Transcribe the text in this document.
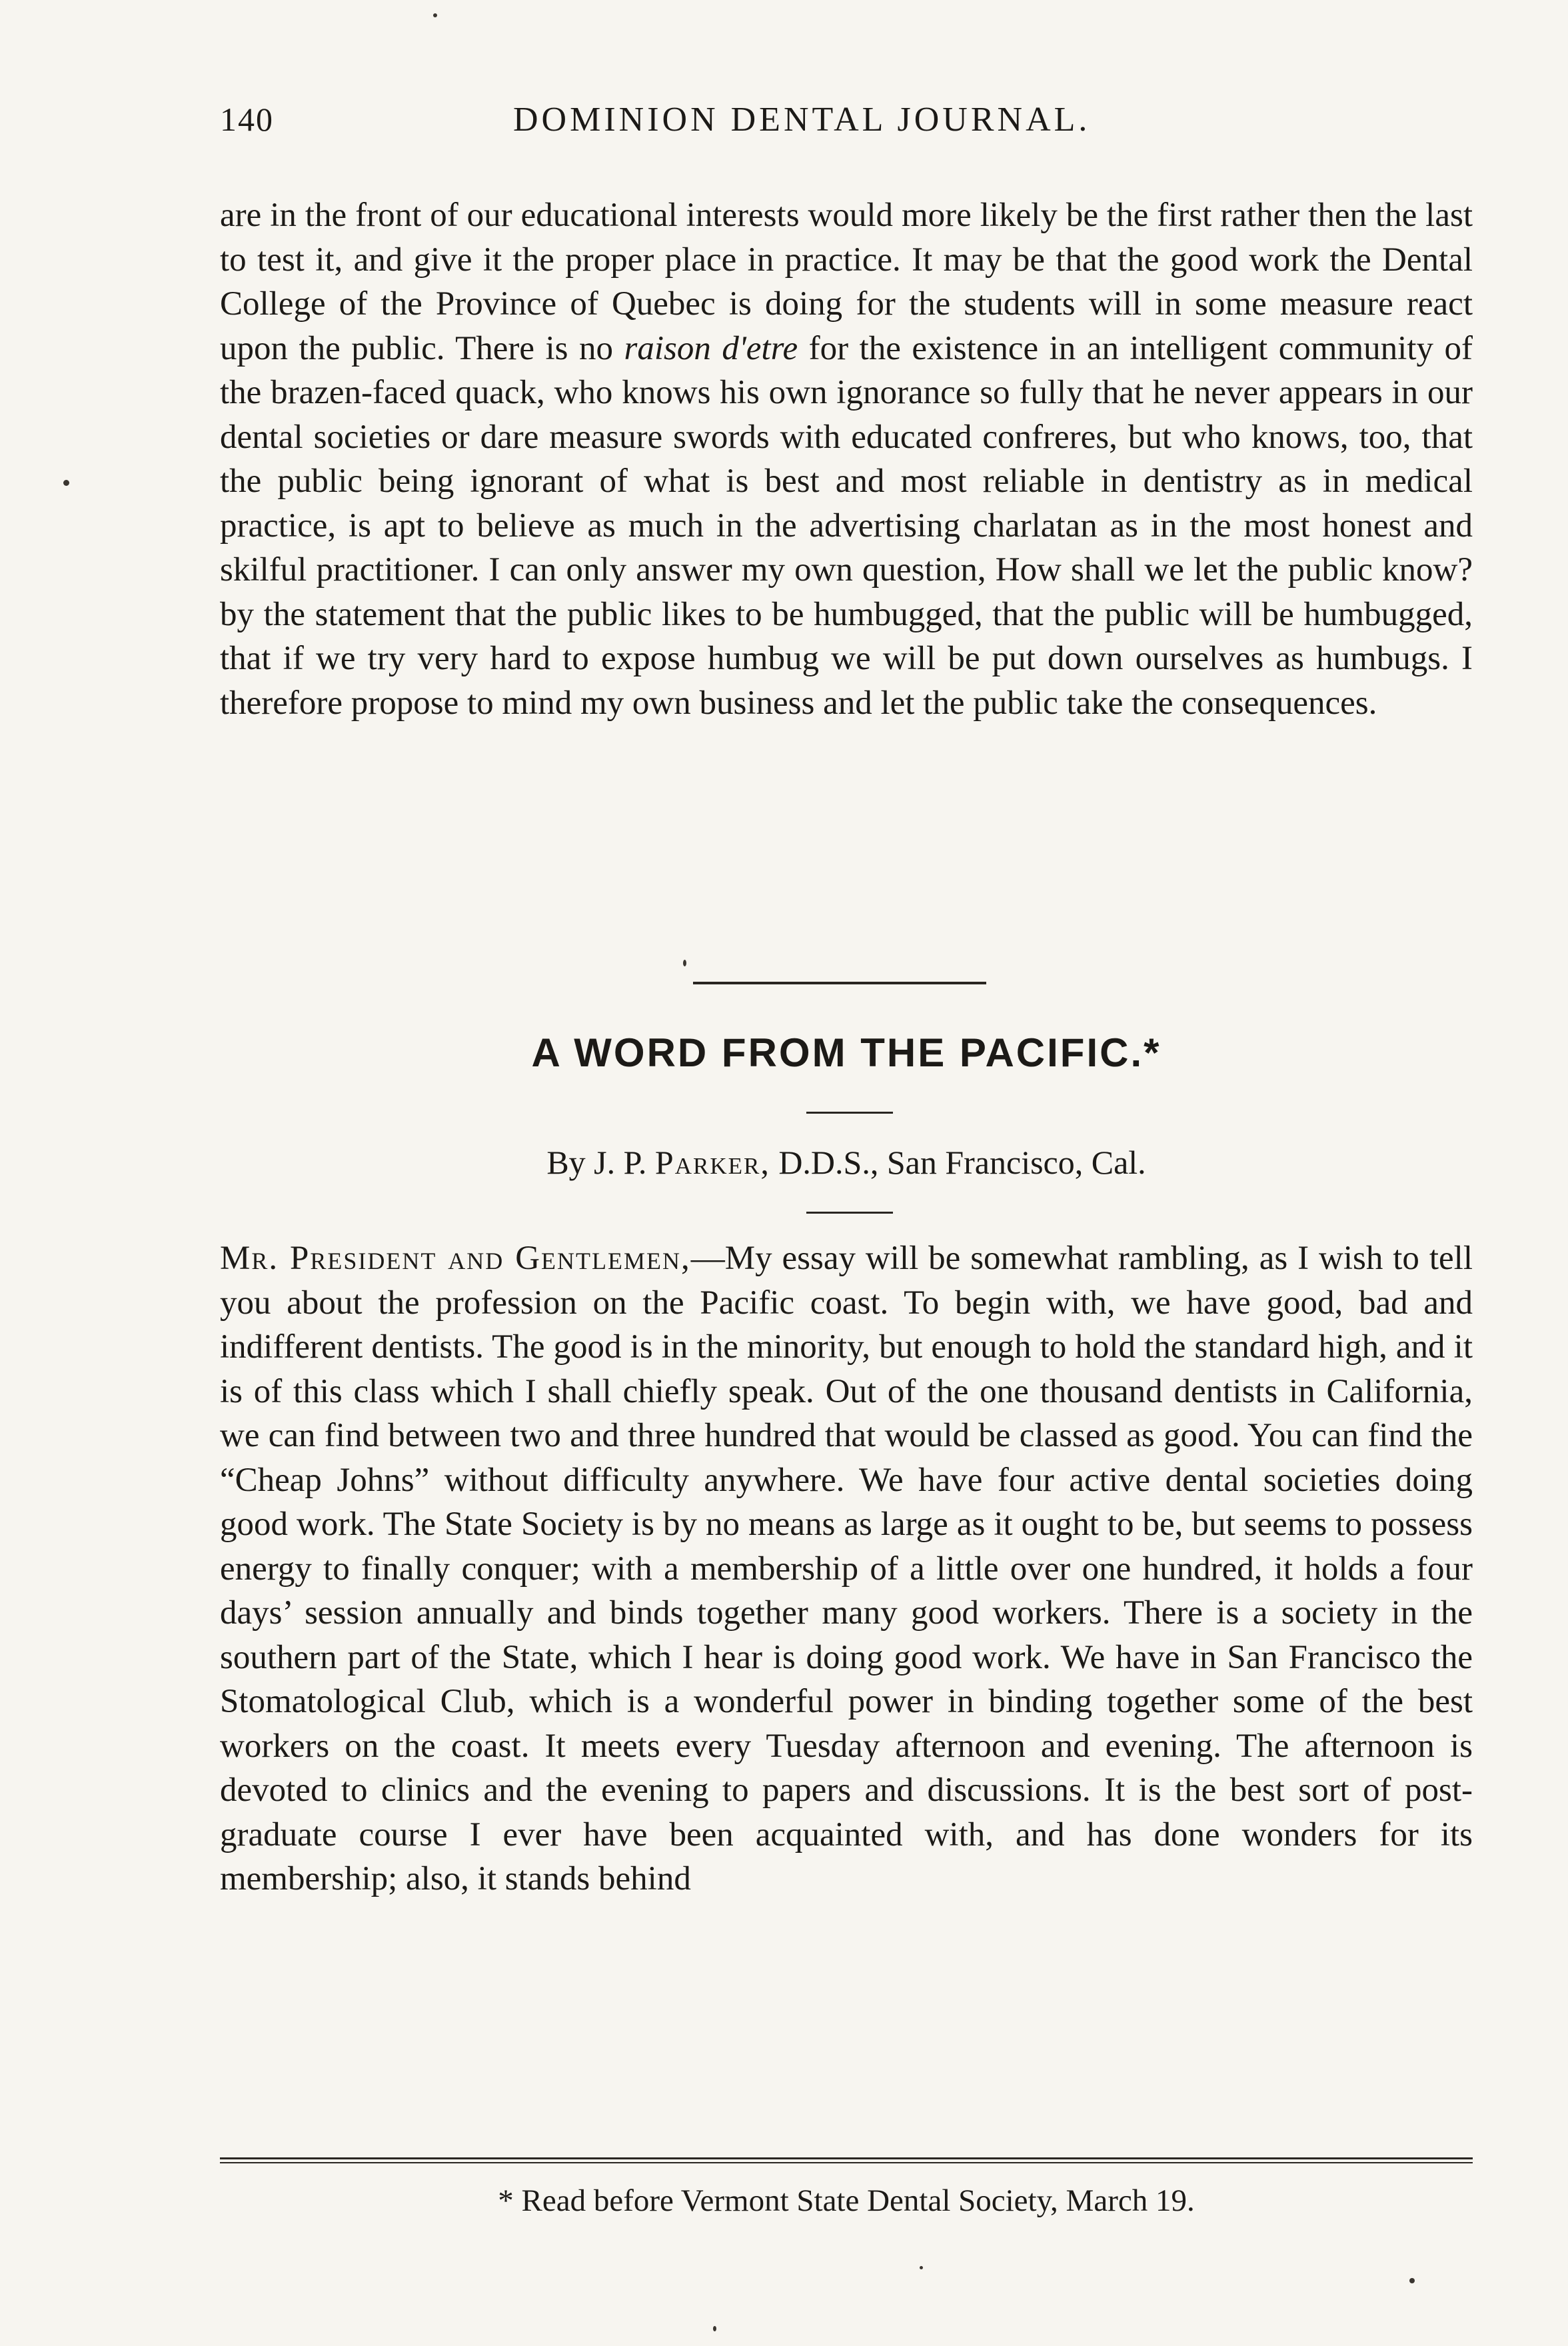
140	DOMINION DENTAL JOURNAL.

are in the front of our educational interests would more likely be the first rather then the last to test it, and give it the proper place in practice. It may be that the good work the Dental College of the Province of Quebec is doing for the students will in some measure react upon the public. There is no raison d'etre for the existence in an intelligent community of the brazen-faced quack, who knows his own ignorance so fully that he never appears in our dental societies or dare measure swords with educated confreres, but who knows, too, that the public being ignorant of what is best and most reliable in dentistry as in medical practice, is apt to believe as much in the advertising charlatan as in the most honest and skilful practitioner. I can only answer my own question, How shall we let the public know? by the statement that the public likes to be humbugged, that the public will be humbugged, that if we try very hard to expose humbug we will be put down ourselves as humbugs. I therefore propose to mind my own business and let the public take the consequences.

A WORD FROM THE PACIFIC.*
By J. P. Parker, D.D.S., San Francisco, Cal.

Mr. President and Gentlemen,—My essay will be somewhat rambling, as I wish to tell you about the profession on the Pacific coast. To begin with, we have good, bad and indifferent dentists. The good is in the minority, but enough to hold the standard high, and it is of this class which I shall chiefly speak. Out of the one thousand dentists in California, we can find between two and three hundred that would be classed as good. You can find the “Cheap Johns” without difficulty anywhere. We have four active dental societies doing good work. The State Society is by no means as large as it ought to be, but seems to possess energy to finally conquer; with a membership of a little over one hundred, it holds a four days’ session annually and binds together many good workers. There is a society in the southern part of the State, which I hear is doing good work. We have in San Francisco the Stomatological Club, which is a wonderful power in binding together some of the best workers on the coast. It meets every Tuesday afternoon and evening. The afternoon is devoted to clinics and the evening to papers and discussions. It is the best sort of post-graduate course I ever have been acquainted with, and has done wonders for its membership; also, it stands behind

* Read before Vermont State Dental Society, March 19.
